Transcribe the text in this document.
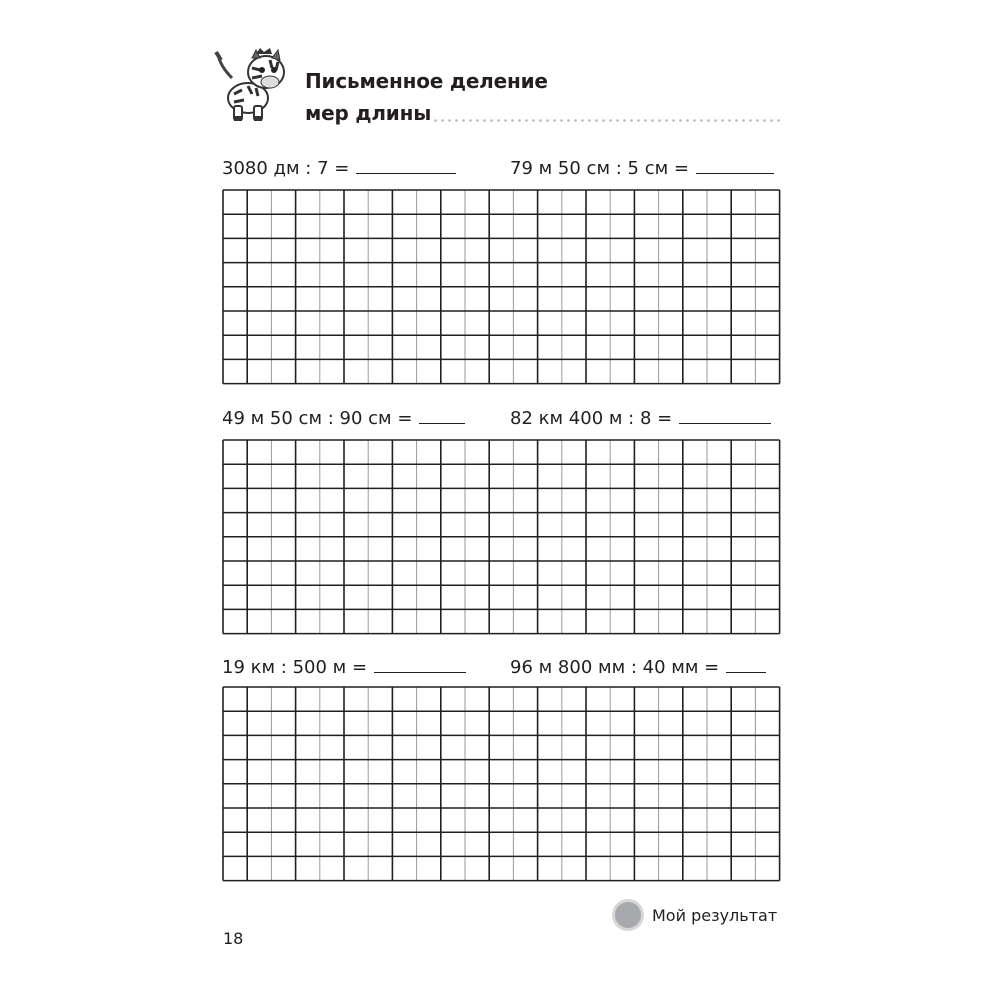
Письменное деление
мер длины
3080 дм : 7 =	79 м 50 см : 5 см =
49 м 50 см : 90 см =	82 км 400 м : 8 =
19 км : 500 м =	96 м 800 мм : 40 мм =
Мой результат
18
